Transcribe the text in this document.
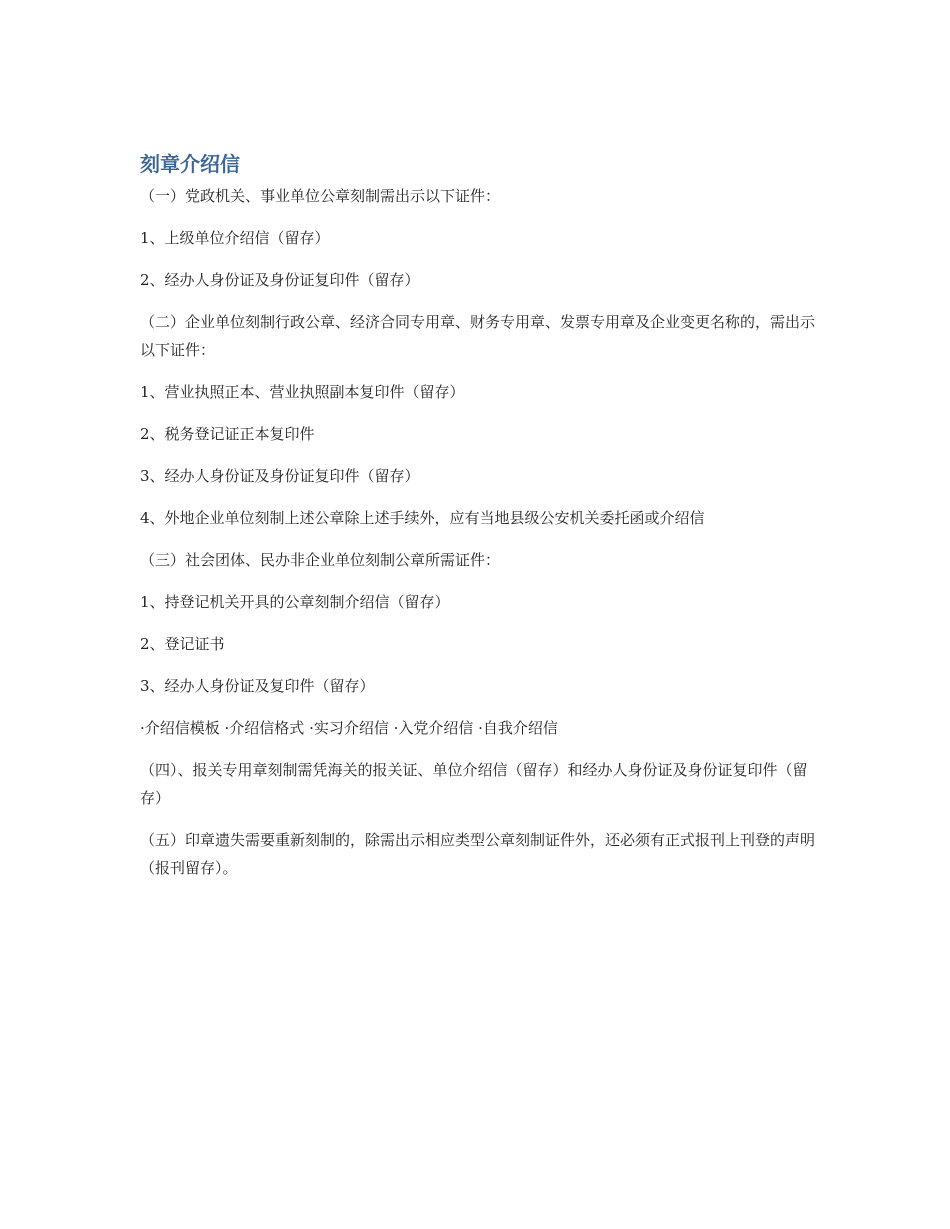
刻章介绍信

（一）党政机关、事业单位公章刻制需出示以下证件：

1、上级单位介绍信（留存）

2、经办人身份证及身份证复印件（留存）

（二）企业单位刻制行政公章、经济合同专用章、财务专用章、发票专用章及企业变更名称的，需出示以下证件：

1、营业执照正本、营业执照副本复印件（留存）

2、税务登记证正本复印件

3、经办人身份证及身份证复印件（留存）

4、外地企业单位刻制上述公章除上述手续外，应有当地县级公安机关委托函或介绍信

（三）社会团体、民办非企业单位刻制公章所需证件：

1、持登记机关开具的公章刻制介绍信（留存）

2、登记证书

3、经办人身份证及复印件（留存）

·介绍信模板 ·介绍信格式 ·实习介绍信 ·入党介绍信 ·自我介绍信

（四）、报关专用章刻制需凭海关的报关证、单位介绍信（留存）和经办人身份证及身份证复印件（留存）

（五）印章遗失需要重新刻制的，除需出示相应类型公章刻制证件外，还必须有正式报刊上刊登的声明（报刊留存）。
